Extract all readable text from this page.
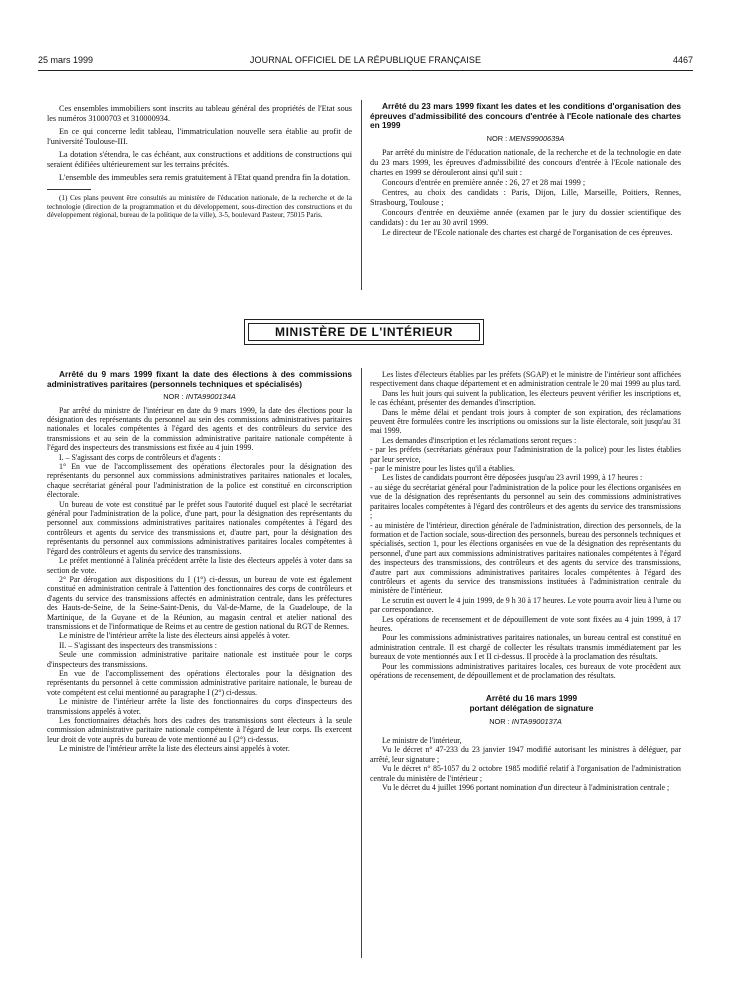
25 mars 1999	JOURNAL OFFICIEL DE LA RÉPUBLIQUE FRANÇAISE	4467

Ces ensembles immobiliers sont inscrits au tableau général des propriétés de l'Etat sous les numéros 31000703 et 310000934.

En ce qui concerne ledit tableau, l'immatriculation nouvelle sera établie au profit de l'université Toulouse-III.

La dotation s'étendra, le cas échéant, aux constructions et additions de constructions qui seraient édifiées ultérieurement sur les terrains précités.

L'ensemble des immeubles sera remis gratuitement à l'Etat quand prendra fin la dotation.

(1) Ces plans peuvent être consultés au ministère de l'éducation nationale, de la recherche et de la technologie (direction de la programmation et du développement, sous-direction des constructions et du développement régional, bureau de la politique de la ville), 3-5, boulevard Pasteur, 75015 Paris.

Arrêté du 23 mars 1999 fixant les dates et les conditions d'organisation des épreuves d'admissibilité des concours d'entrée à l'Ecole nationale des chartes en 1999

NOR : MENS9900639A

Par arrêté du ministre de l'éducation nationale, de la recherche et de la technologie en date du 23 mars 1999, les épreuves d'admissibilité des concours d'entrée à l'Ecole nationale des chartes en 1999 se dérouleront ainsi qu'il suit :

Concours d'entrée en première année : 26, 27 et 28 mai 1999 ;

Centres, au choix des candidats : Paris, Dijon, Lille, Marseille, Poitiers, Rennes, Strasbourg, Toulouse ;

Concours d'entrée en deuxième année (examen par le jury du dossier scientifique des candidats) : du 1er au 30 avril 1999.

Le directeur de l'Ecole nationale des chartes est chargé de l'organisation de ces épreuves.

MINISTÈRE DE L'INTÉRIEUR

Arrêté du 9 mars 1999 fixant la date des élections à des commissions administratives paritaires (personnels techniques et spécialisés)

NOR : INTA9900134A

Par arrêté du ministre de l'intérieur en date du 9 mars 1999, la date des élections pour la désignation des représentants du personnel au sein des commissions administratives paritaires nationales et locales compétentes à l'égard des agents et des contrôleurs du service des transmissions et au sein de la commission administrative paritaire nationale compétente à l'égard des inspecteurs des transmissions est fixée au 4 juin 1999.

I. – S'agissant des corps de contrôleurs et d'agents :

1° En vue de l'accomplissement des opérations électorales pour la désignation des représentants du personnel aux commissions administratives paritaires nationales et locales, chaque secrétariat général pour l'administration de la police est constitué en circonscription électorale.

Un bureau de vote est constitué par le préfet sous l'autorité duquel est placé le secrétariat général pour l'administration de la police, d'une part, pour la désignation des représentants du personnel aux commissions administratives paritaires nationales compétentes à l'égard des contrôleurs et agents du service des transmissions et, d'autre part, pour la désignation des représentants du personnel aux commissions administratives paritaires locales compétentes à l'égard des contrôleurs et agents du service des transmissions.

Le préfet mentionné à l'alinéa précédent arrête la liste des électeurs appelés à voter dans sa section de vote.

2° Par dérogation aux dispositions du I (1°) ci-dessus, un bureau de vote est également constitué en administration centrale à l'attention des fonctionnaires des corps de contrôleurs et d'agents du service des transmissions affectés en administration centrale, dans les préfectures des Hauts-de-Seine, de la Seine-Saint-Denis, du Val-de-Marne, de la Guadeloupe, de la Martinique, de la Guyane et de la Réunion, au magasin central et atelier national des transmissions et de l'informatique de Reims et au centre de gestion national du RGT de Rennes.

Le ministre de l'intérieur arrête la liste des électeurs ainsi appelés à voter.

II. – S'agissant des inspecteurs des transmissions :

Seule une commission administrative paritaire nationale est instituée pour le corps d'inspecteurs des transmissions.

En vue de l'accomplissement des opérations électorales pour la désignation des représentants du personnel à cette commission administrative paritaire nationale, le bureau de vote compétent est celui mentionné au paragraphe I (2°) ci-dessus.

Le ministre de l'intérieur arrête la liste des fonctionnaires du corps d'inspecteurs des transmissions appelés à voter.

Les fonctionnaires détachés hors des cadres des transmissions sont électeurs à la seule commission administrative paritaire nationale compétente à l'égard de leur corps. Ils exercent leur droit de vote auprès du bureau de vote mentionné au I (2°) ci-dessus.

Le ministre de l'intérieur arrête la liste des électeurs ainsi appelés à voter.

Les listes d'électeurs établies par les préfets (SGAP) et le ministre de l'intérieur sont affichées respectivement dans chaque département et en administration centrale le 20 mai 1999 au plus tard.

Dans les huit jours qui suivent la publication, les électeurs peuvent vérifier les inscriptions et, le cas échéant, présenter des demandes d'inscription.

Dans le même délai et pendant trois jours à compter de son expiration, des réclamations peuvent être formulées contre les inscriptions ou omissions sur la liste électorale, soit jusqu'au 31 mai 1999.

Les demandes d'inscription et les réclamations seront reçues :

- par les préfets (secrétariats généraux pour l'administration de la police) pour les listes établies par leur service,

- par le ministre pour les listes qu'il a établies.

Les listes de candidats pourront être déposées jusqu'au 23 avril 1999, à 17 heures :

- au siège du secrétariat général pour l'administration de la police pour les élections organisées en vue de la désignation des représentants du personnel au sein des commissions administratives paritaires locales compétentes à l'égard des contrôleurs et des agents du service des transmissions ;

- au ministère de l'intérieur, direction générale de l'administration, direction des personnels, de la formation et de l'action sociale, sous-direction des personnels, bureau des personnels techniques et spécialisés, section 1, pour les élections organisées en vue de la désignation des représentants du personnel, d'une part aux commissions administratives paritaires nationales compétentes à l'égard des inspecteurs des transmissions, des contrôleurs et des agents du service des transmissions, d'autre part aux commissions administratives paritaires locales compétentes à l'égard des contrôleurs et agents du service des transmissions instituées à l'administration centrale du ministère de l'intérieur.

Le scrutin est ouvert le 4 juin 1999, de 9 h 30 à 17 heures. Le vote pourra avoir lieu à l'urne ou par correspondance.

Les opérations de recensement et de dépouillement de vote sont fixées au 4 juin 1999, à 17 heures.

Pour les commissions administratives paritaires nationales, un bureau central est constitué en administration centrale. Il est chargé de collecter les résultats transmis immédiatement par les bureaux de vote mentionnés aux I et II ci-dessus. Il procède à la proclamation des résultats.

Pour les commissions administratives paritaires locales, ces bureaux de vote procèdent aux opérations de recensement, de dépouillement et de proclamation des résultats.

Arrêté du 16 mars 1999

portant délégation de signature

NOR : INTA9900137A

Le ministre de l'intérieur,

Vu le décret n° 47-233 du 23 janvier 1947 modifié autorisant les ministres à déléguer, par arrêté, leur signature ;

Vu le décret n° 85-1057 du 2 octobre 1985 modifié relatif à l'organisation de l'administration centrale du ministère de l'intérieur ;

Vu le décret du 4 juillet 1996 portant nomination d'un directeur à l'administration centrale ;
